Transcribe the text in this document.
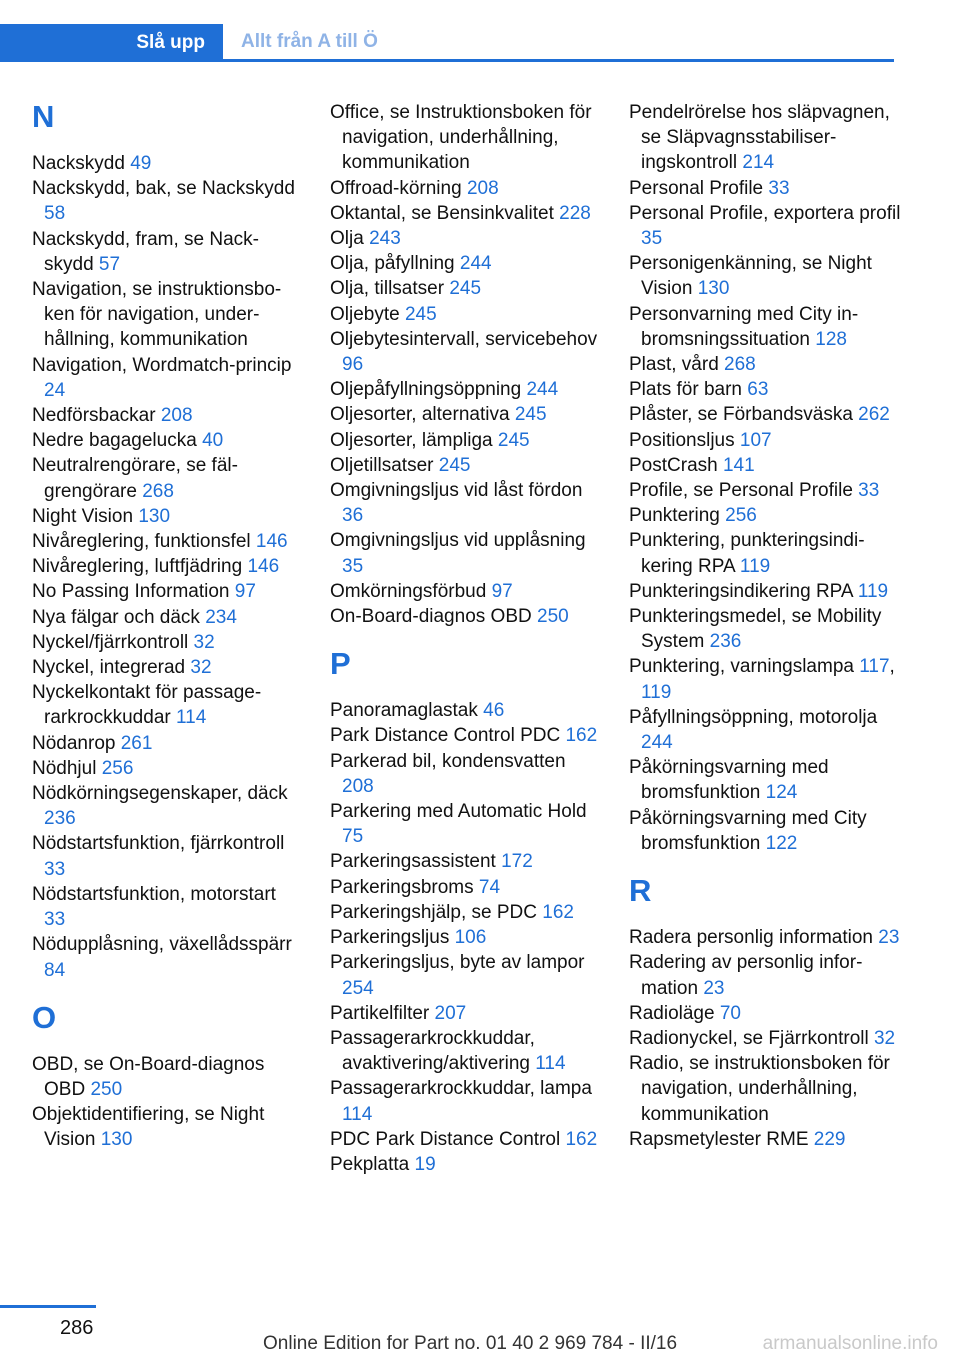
Slå upp	Allt från A till Ö
N
Nackskydd 49
Nackskydd, bak, se Nackskydd 58
Nackskydd, fram, se Nackskydd 57
Navigation, se instruktionsboken för navigation, underhållning, kommunikation
Navigation, Wordmatch-princip 24
Nedförsbackar 208
Nedre bagagelucka 40
Neutralrengörare, se fälgrengörare 268
Night Vision 130
Nivåreglering, funktionsfel 146
Nivåreglering, luftfjädring 146
No Passing Information 97
Nya fälgar och däck 234
Nyckel/fjärrkontroll 32
Nyckel, integrerad 32
Nyckelkontakt för passagerarkrockkuddar 114
Nödanrop 261
Nödhjul 256
Nödkörningsegenskaper, däck 236
Nödstartsfunktion, fjärrkontroll 33
Nödstartsfunktion, motorstart 33
Nödupplåsning, växellådsspärr 84
O
OBD, se On-Board-diagnos OBD 250
Objektidentifiering, se Night Vision 130
Office, se Instruktionsboken för navigation, underhållning, kommunikation
Offroad-körning 208
Oktantal, se Bensinkvalitet 228
Olja 243
Olja, påfyllning 244
Olja, tillsatser 245
Oljebyte 245
Oljebytesintervall, servicebehov 96
Oljepåfyllningsöppning 244
Oljesorter, alternativa 245
Oljesorter, lämpliga 245
Oljetillsatser 245
Omgivningsljus vid låst fördon 36
Omgivningsljus vid upplåsning 35
Omkörningsförbud 97
On-Board-diagnos OBD 250
P
Panoramaglastak 46
Park Distance Control PDC 162
Parkerad bil, kondensvatten 208
Parkering med Automatic Hold 75
Parkeringsassistent 172
Parkeringsbroms 74
Parkeringshjälp, se PDC 162
Parkeringsljus 106
Parkeringsljus, byte av lampor 254
Partikelfilter 207
Passagerarkrockkuddar, avaktivering/aktivering 114
Passagerarkrockkuddar, lampa 114
PDC Park Distance Control 162
Pekplatta 19
Pendelrörelse hos släpvagnen, se Släpvagnsstabiliseringskontroll 214
Personal Profile 33
Personal Profile, exportera profil 35
Personigenkänning, se Night Vision 130
Personvarning med City inbromsningssituation 128
Plast, vård 268
Plats för barn 63
Plåster, se Förbandsväska 262
Positionsljus 107
PostCrash 141
Profile, se Personal Profile 33
Punktering 256
Punktering, punkteringsindikering RPA 119
Punkteringsindikering RPA 119
Punkteringsmedel, se Mobility System 236
Punktering, varningslampa 117, 119
Påfyllningsöppning, motorolja 244
Påkörningsvarning med bromsfunktion 124
Påkörningsvarning med City bromsfunktion 122
R
Radera personlig information 23
Radering av personlig information 23
Radioläge 70
Radionyckel, se Fjärrkontroll 32
Radio, se instruktionsboken för navigation, underhållning, kommunikation
Rapsmetylester RME 229
286
Online Edition for Part no. 01 40 2 969 784 - II/16	armanualsonline.info
